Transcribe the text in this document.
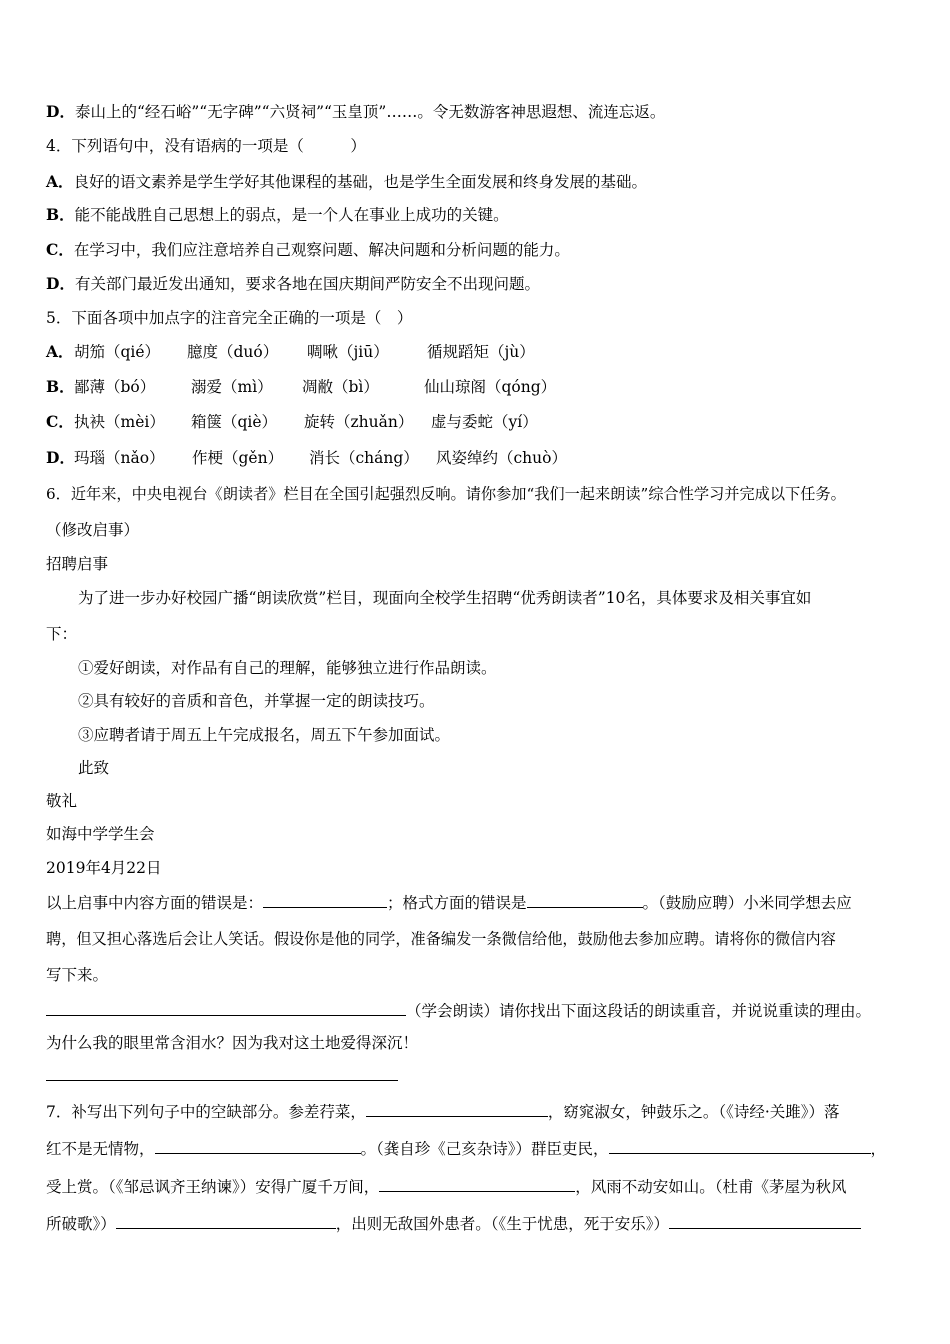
D．泰山上的“经石峪”“无字碑”“六贤祠”“玉皇顶”……。令无数游客神思遐想、流连忘返。
4．下列语句中，没有语病的一项是（　　　）
A．良好的语文素养是学生学好其他课程的基础，也是学生全面发展和终身发展的基础。
B．能不能战胜自己思想上的弱点，是一个人在事业上成功的关键。
C．在学习中，我们应注意培养自己观察问题、解决问题和分析问题的能力。
D．有关部门最近发出通知，要求各地在国庆期间严防安全不出现问题。
5．下面各项中加点字的注音完全正确的一项是（　）
A．胡笳（qié） 臆度（duó） 啁啾（jiū） 循规蹈矩（jù）
B．鄙薄（bó） 溺爱（mì） 凋敝（bì）	仙山琼阁（qóng）
C．执袂（mèi） 箱箧（qiè） 旋转（zhuǎn） 虚与委蛇（yí）
D．玛瑙（nǎo） 作梗（gěn） 消长（cháng） 风姿绰约（chuò）
6．近年来，中央电视台《朗读者》栏目在全国引起强烈反响。请你参加“我们一起来朗读”综合性学习并完成以下任务。
（修改启事）
招聘启事
为了进一步办好校园广播“朗读欣赏”栏目，现面向全校学生招聘“优秀朗读者”10名，具体要求及相关事宜如
下：
①爱好朗读，对作品有自己的理解，能够独立进行作品朗读。
②具有较好的音质和音色，并掌握一定的朗读技巧。
③应聘者请于周五上午完成报名，周五下午参加面试。
此致
敬礼
如海中学学生会
2019年4月22日
以上启事中内容方面的错误是：	；格式方面的错误是	。（鼓励应聘）小米同学想去应
聘，但又担心落选后会让人笑话。假设你是他的同学，准备编发一条微信给他，鼓励他去参加应聘。请将你的微信内容
写下来。
（学会朗读）请你找出下面这段话的朗读重音，并说说重读的理由。
为什么我的眼里常含泪水？因为我对这土地爱得深沉！
7．补写出下列句子中的空缺部分。参差荇菜，	，窈窕淑女，钟鼓乐之。（《诗经·关雎》）落
红不是无情物，	。（龚自珍《己亥杂诗》）群臣吏民，	，
受上赏。（《邹忌讽齐王纳谏》）安得广厦千万间，	，风雨不动安如山。（杜甫《茅屋为秋风
所破歌》）	，出则无敌国外患者。（《生于忧患，死于安乐》）
